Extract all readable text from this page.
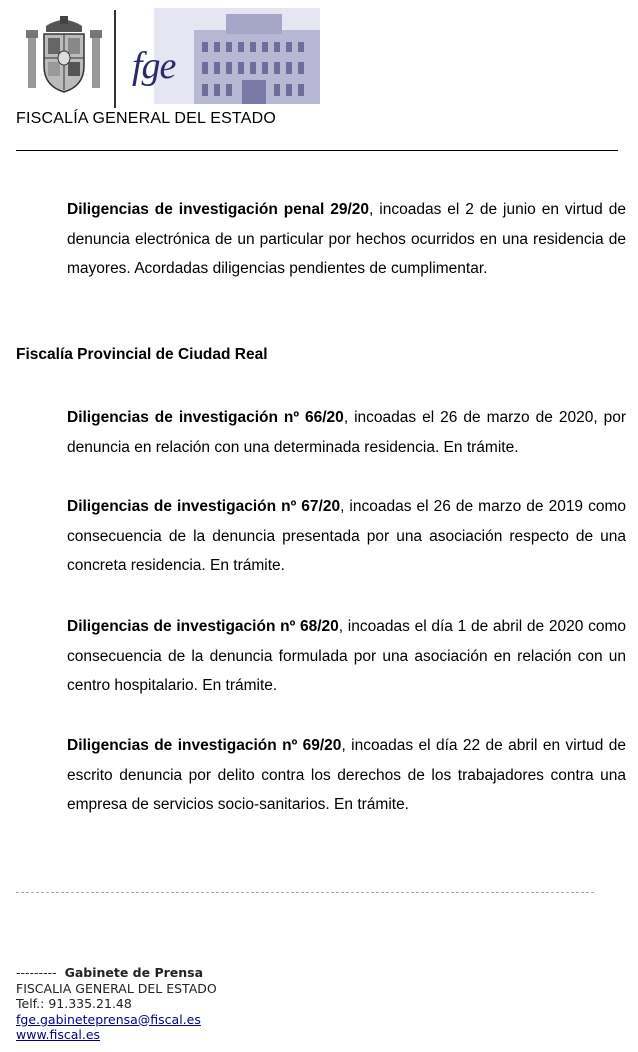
fge
FISCALÍA GENERAL DEL ESTADO
Diligencias de investigación penal 29/20, incoadas el 2 de junio en virtud de denuncia electrónica de un particular por hechos ocurridos en una residencia de mayores. Acordadas diligencias pendientes de cumplimentar.
Fiscalía Provincial de Ciudad Real
Diligencias de investigación nº 66/20, incoadas el 26 de marzo de 2020, por denuncia en relación con una determinada residencia. En trámite.
Diligencias de investigación nº 67/20, incoadas el 26 de marzo de 2019 como consecuencia de la denuncia presentada por una asociación respecto de una concreta residencia. En trámite.
Diligencias de investigación nº 68/20, incoadas el día 1 de abril de 2020 como consecuencia de la denuncia formulada por una asociación en relación con un centro hospitalario. En trámite.
Diligencias de investigación nº 69/20, incoadas el día 22 de abril en virtud de escrito denuncia por delito contra los derechos de los trabajadores contra una empresa de servicios socio-sanitarios. En trámite.
--------- Gabinete de Prensa
FISCALIA GENERAL DEL ESTADO
Telf.: 91.335.21.48
fge.gabineteprensa@fiscal.es
www.fiscal.es
